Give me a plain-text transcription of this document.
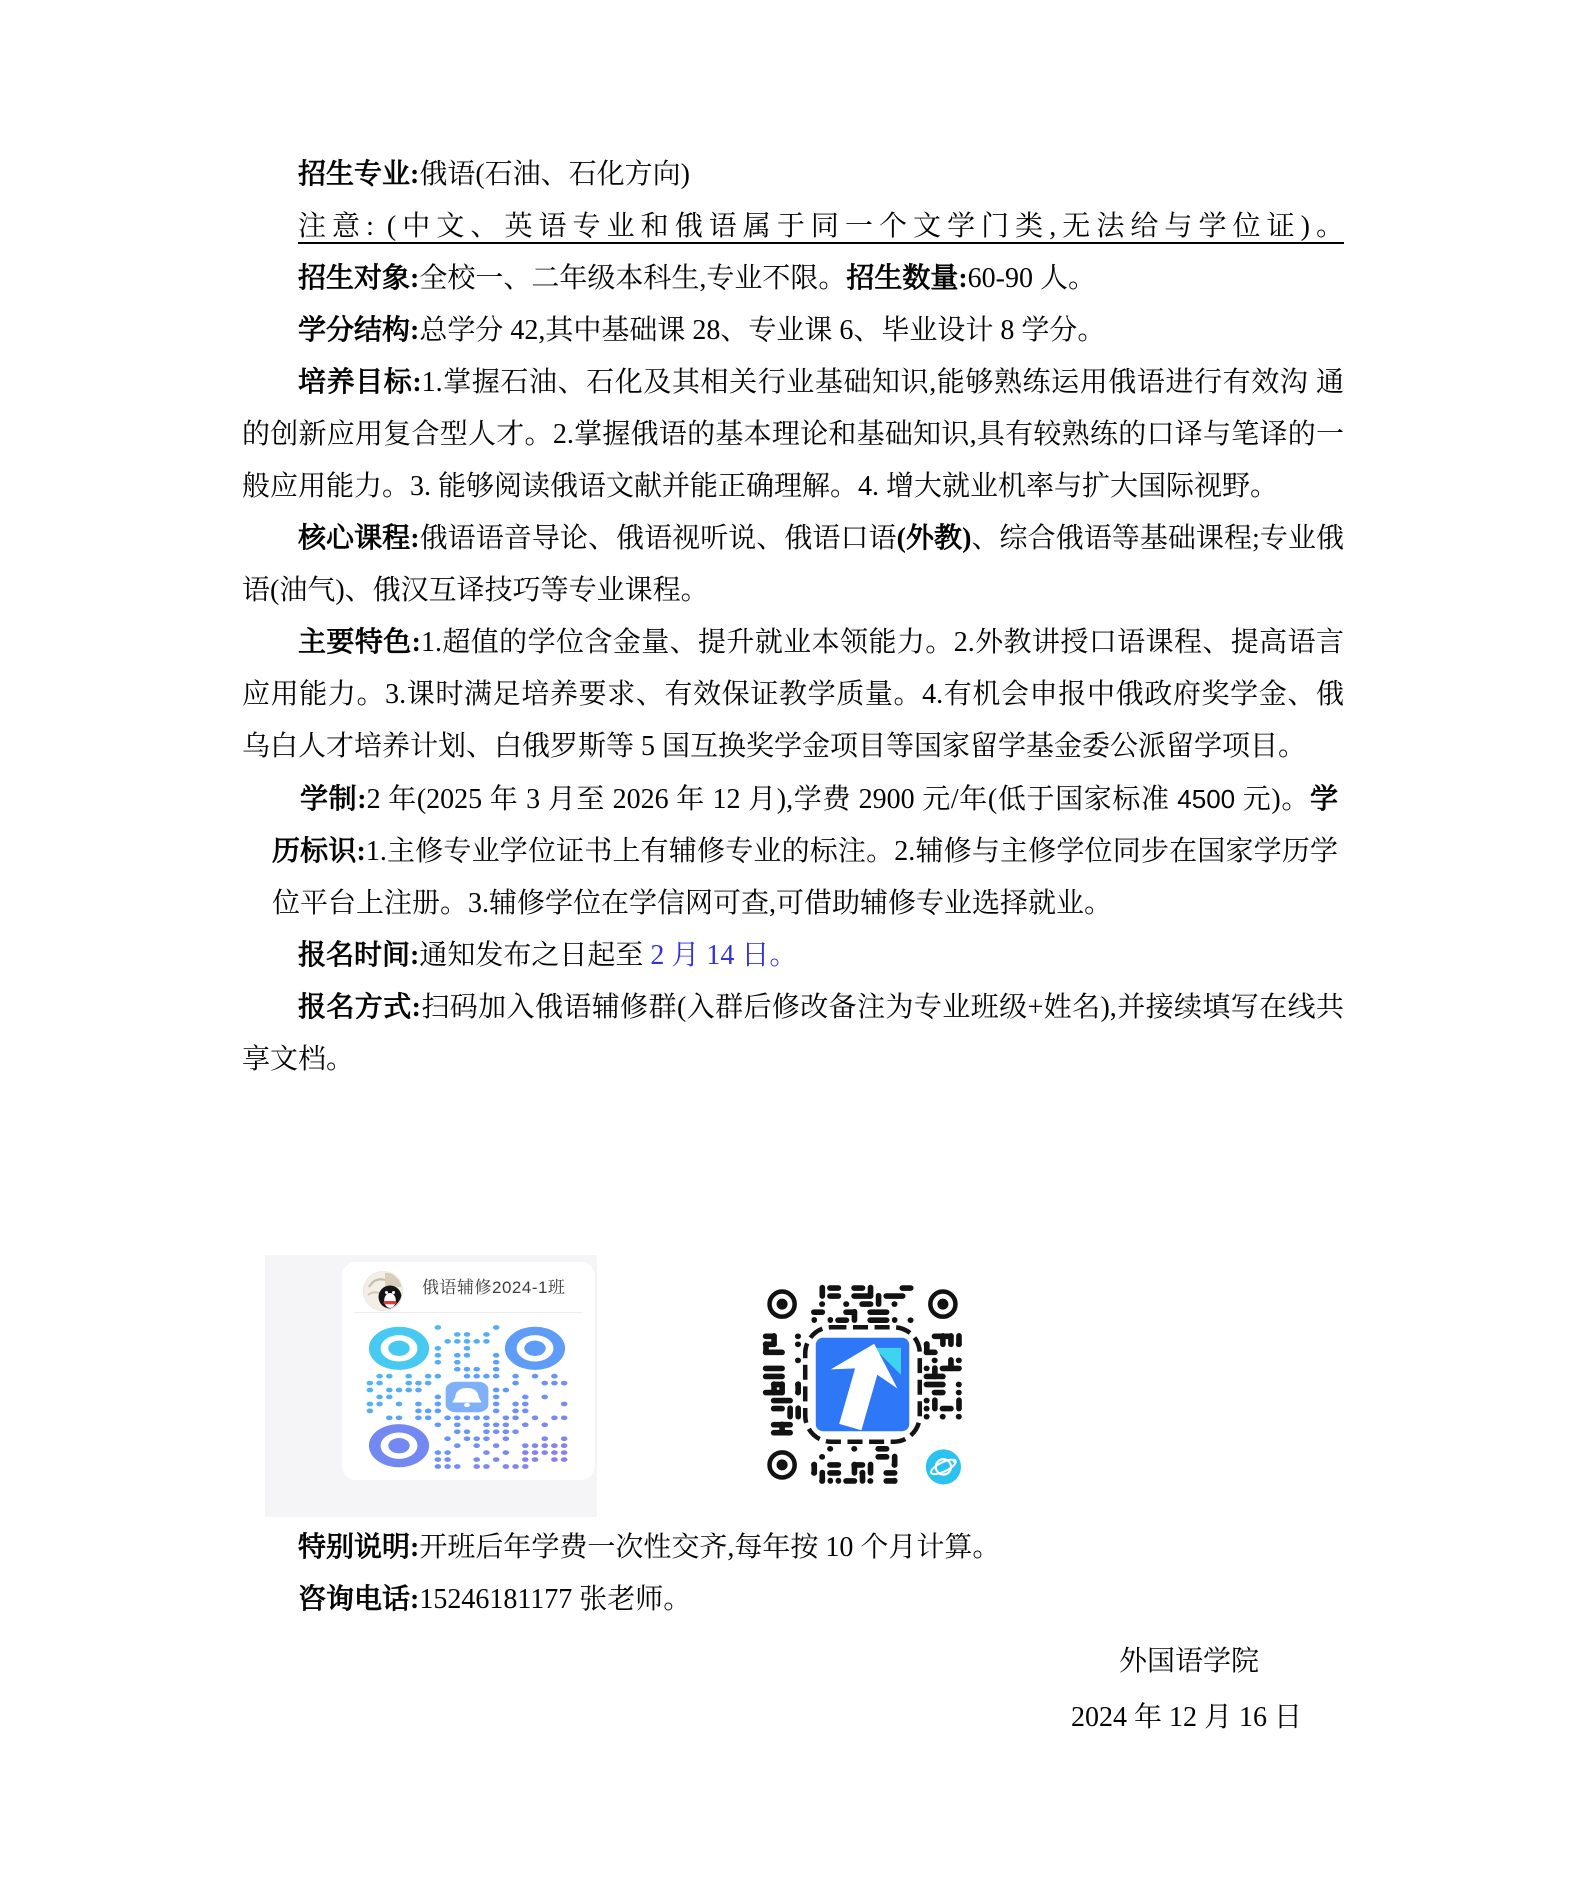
招生专业:俄语(石油、石化方向)

注意: (中文、英语专业和俄语属于同一个文学门类,无法给与学位证)。

招生对象:全校一、二年级本科生,专业不限。招生数量:60-90 人。

学分结构:总学分 42,其中基础课 28、专业课 6、毕业设计 8 学分。

培养目标:1.掌握石油、石化及其相关行业基础知识,能够熟练运用俄语进行有效沟 通的创新应用复合型人才。2.掌握俄语的基本理论和基础知识,具有较熟练的口译与笔译的一般应用能力。3. 能够阅读俄语文献并能正确理解。4. 增大就业机率与扩大国际视野。

核心课程:俄语语音导论、俄语视听说、俄语口语(外教)、综合俄语等基础课程;专业俄语(油气)、俄汉互译技巧等专业课程。

主要特色:1.超值的学位含金量、提升就业本领能力。2.外教讲授口语课程、提高语言应用能力。3.课时满足培养要求、有效保证教学质量。4.有机会申报中俄政府奖学金、俄乌白人才培养计划、白俄罗斯等 5 国互换奖学金项目等国家留学基金委公派留学项目。

学制:2 年(2025 年 3 月至 2026 年 12 月),学费 2900 元/年(低于国家标准 4500 元)。学历标识:1.主修专业学位证书上有辅修专业的标注。2.辅修与主修学位同步在国家学历学位平台上注册。3.辅修学位在学信网可查,可借助辅修专业选择就业。

报名时间:通知发布之日起至 2 月 14 日。

报名方式:扫码加入俄语辅修群(入群后修改备注为专业班级+姓名),并接续填写在线共享文档。

俄语辅修2024-1班

特别说明:开班后年学费一次性交齐,每年按 10 个月计算。

咨询电话:15246181177 张老师。

外国语学院
2024 年 12 月 16 日
